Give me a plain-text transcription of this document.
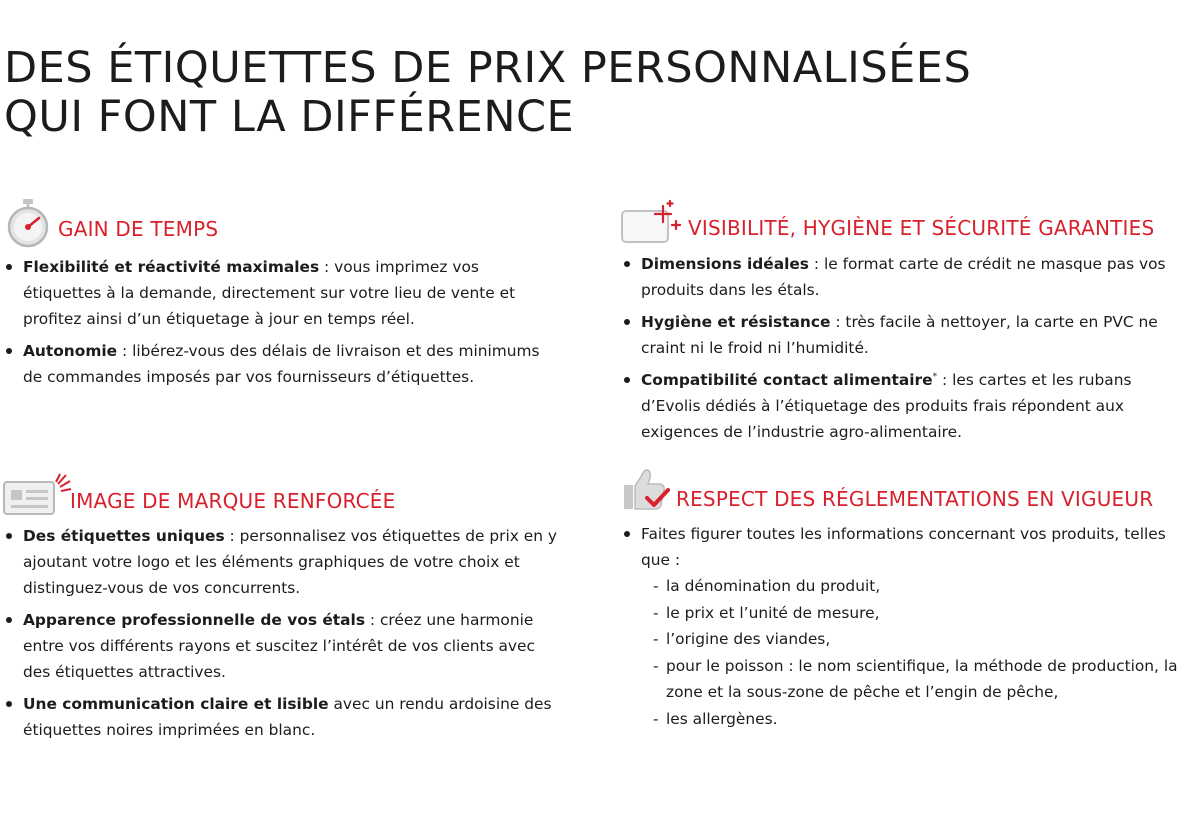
DES ÉTIQUETTES DE PRIX PERSONNALISÉES
QUI FONT LA DIFFÉRENCE
GAIN DE TEMPS
Flexibilité et réactivité maximales : vous imprimez vos étiquettes à la demande, directement sur votre lieu de vente et profitez ainsi d’un étiquetage à jour en temps réel.
Autonomie : libérez-vous des délais de livraison et des minimums de commandes imposés par vos fournisseurs d’étiquettes.
IMAGE DE MARQUE RENFORCÉE
Des étiquettes uniques : personnalisez vos étiquettes de prix en y ajoutant votre logo et les éléments graphiques de votre choix et distinguez-vous de vos concurrents.
Apparence professionnelle de vos étals : créez une harmonie entre vos différents rayons et suscitez l’intérêt de vos clients avec des étiquettes attractives.
Une communication claire et lisible avec un rendu ardoisine des étiquettes noires imprimées en blanc.
VISIBILITÉ, HYGIÈNE ET SÉCURITÉ GARANTIES
Dimensions idéales : le format carte de crédit ne masque pas vos produits dans les étals.
Hygiène et résistance : très facile à nettoyer, la carte en PVC ne craint ni le froid ni l’humidité.
Compatibilité contact alimentaire* : les cartes et les rubans d’Evolis dédiés à l’étiquetage des produits frais répondent aux exigences de l’industrie agro-alimentaire.
RESPECT DES RÉGLEMENTATIONS EN VIGUEUR
Faites figurer toutes les informations concernant vos produits, telles que :
- la dénomination du produit,
- le prix et l’unité de mesure,
- l’origine des viandes,
- pour le poisson : le nom scientifique, la méthode de production, la zone et la sous-zone de pêche et l’engin de pêche,
- les allergènes.
